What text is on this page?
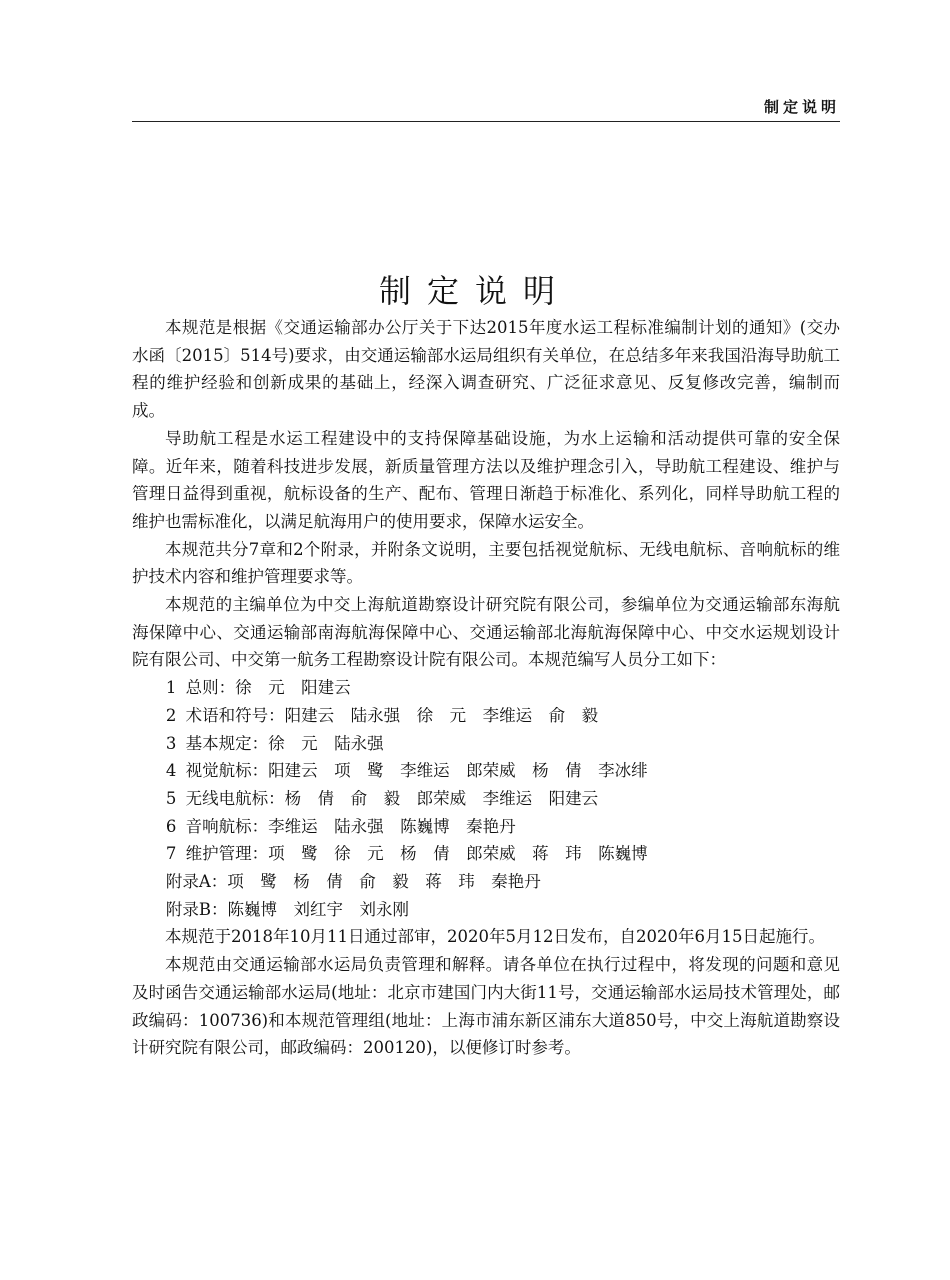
制定说明
制定说明

本规范是根据《交通运输部办公厅关于下达2015年度水运工程标准编制计划的通知》(交办水函〔2015〕514号)要求，由交通运输部水运局组织有关单位，在总结多年来我国沿海导助航工程的维护经验和创新成果的基础上，经深入调查研究、广泛征求意见、反复修改完善，编制而成。

导助航工程是水运工程建设中的支持保障基础设施，为水上运输和活动提供可靠的安全保障。近年来，随着科技进步发展，新质量管理方法以及维护理念引入，导助航工程建设、维护与管理日益得到重视，航标设备的生产、配布、管理日渐趋于标准化、系列化，同样导助航工程的维护也需标准化，以满足航海用户的使用要求，保障水运安全。

本规范共分7章和2个附录，并附条文说明，主要包括视觉航标、无线电航标、音响航标的维护技术内容和维护管理要求等。

本规范的主编单位为中交上海航道勘察设计研究院有限公司，参编单位为交通运输部东海航海保障中心、交通运输部南海航海保障中心、交通运输部北海航海保障中心、中交水运规划设计院有限公司、中交第一航务工程勘察设计院有限公司。本规范编写人员分工如下：

1 总则：徐　元　阳建云
2 术语和符号：阳建云　陆永强　徐　元　李维运　俞　毅
3 基本规定：徐　元　陆永强
4 视觉航标：阳建云　项　鹭　李维运　郎荣威　杨　倩　李冰绯
5 无线电航标：杨　倩　俞　毅　郎荣威　李维运　阳建云
6 音响航标：李维运　陆永强　陈巍博　秦艳丹
7 维护管理：项　鹭　徐　元　杨　倩　郎荣威　蒋　玮　陈巍博
附录A：项　鹭　杨　倩　俞　毅　蒋　玮　秦艳丹
附录B：陈巍博　刘红宇　刘永刚

本规范于2018年10月11日通过部审，2020年5月12日发布，自2020年6月15日起施行。

本规范由交通运输部水运局负责管理和解释。请各单位在执行过程中，将发现的问题和意见及时函告交通运输部水运局(地址：北京市建国门内大街11号，交通运输部水运局技术管理处，邮政编码：100736)和本规范管理组(地址：上海市浦东新区浦东大道850号，中交上海航道勘察设计研究院有限公司，邮政编码：200120)，以便修订时参考。
